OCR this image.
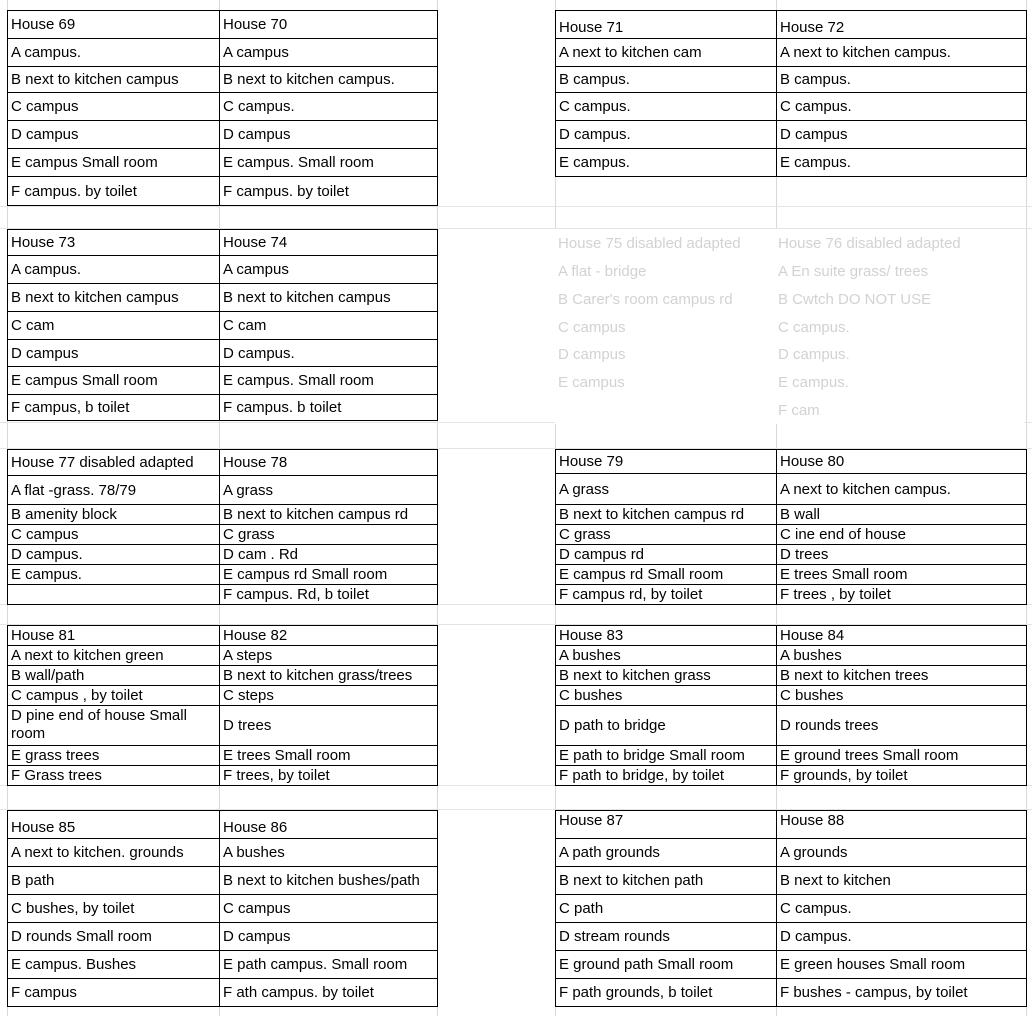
House 69	House 70
A campus.	A campus
B next to kitchen campus	B next to kitchen campus.
C campus	C campus.
D campus	D campus
E campus Small room	E campus. Small room
F campus. by toilet	F campus. by toilet
House 71	House 72
A next to kitchen cam	A next to kitchen campus.
B campus.	B campus.
C campus.	C campus.
D campus.	D campus
E campus.	E campus.
House 73	House 74
A campus.	A campus
B next to kitchen campus	B next to kitchen campus
C cam	C cam
D campus	D campus.
E campus Small room	E campus. Small room
F campus, b toilet	F campus. b toilet
House 75 disabled adapted	House 76 disabled adapted
A flat - bridge	A En suite grass/ trees
B Carer's room campus rd	B Cwtch DO NOT USE
C campus	C campus.
D campus	D campus.
E campus	E campus.
	F cam
House 77 disabled adapted	House 78
A flat -grass. 78/79	A grass
B amenity block	B next to kitchen campus rd
C campus	C grass
D campus.	D cam . Rd
E campus.	E campus rd Small room
	F campus. Rd, b toilet
House 79	House 80
A grass	A next to kitchen campus.
B next to kitchen campus rd	B wall
C grass	C ine end of house
D campus rd	D trees
E campus rd Small room	E trees Small room
F campus rd, by toilet	F trees , by toilet
House 81	House 82
A next to kitchen green	A steps
B wall/path	B next to kitchen grass/trees
C campus , by toilet	C steps
D pine end of house Small room	D trees
E grass trees	E trees Small room
F Grass trees	F trees, by toilet
House 83	House 84
A bushes	A bushes
B next to kitchen grass	B next to kitchen trees
C bushes	C bushes
D path to bridge	D rounds trees
E path to bridge Small room	E ground trees Small room
F path to bridge, by toilet	F grounds, by toilet
House 85	House 86
A next to kitchen. grounds	A bushes
B path	B next to kitchen bushes/path
C bushes, by toilet	C campus
D rounds Small room	D campus
E campus. Bushes	E path campus. Small room
F campus	F ath campus. by toilet
House 87	House 88
A path grounds	A grounds
B next to kitchen path	B next to kitchen
C path	C campus.
D stream rounds	D campus.
E ground path Small room	E green houses Small room
F path grounds, b toilet	F bushes - campus, by toilet
